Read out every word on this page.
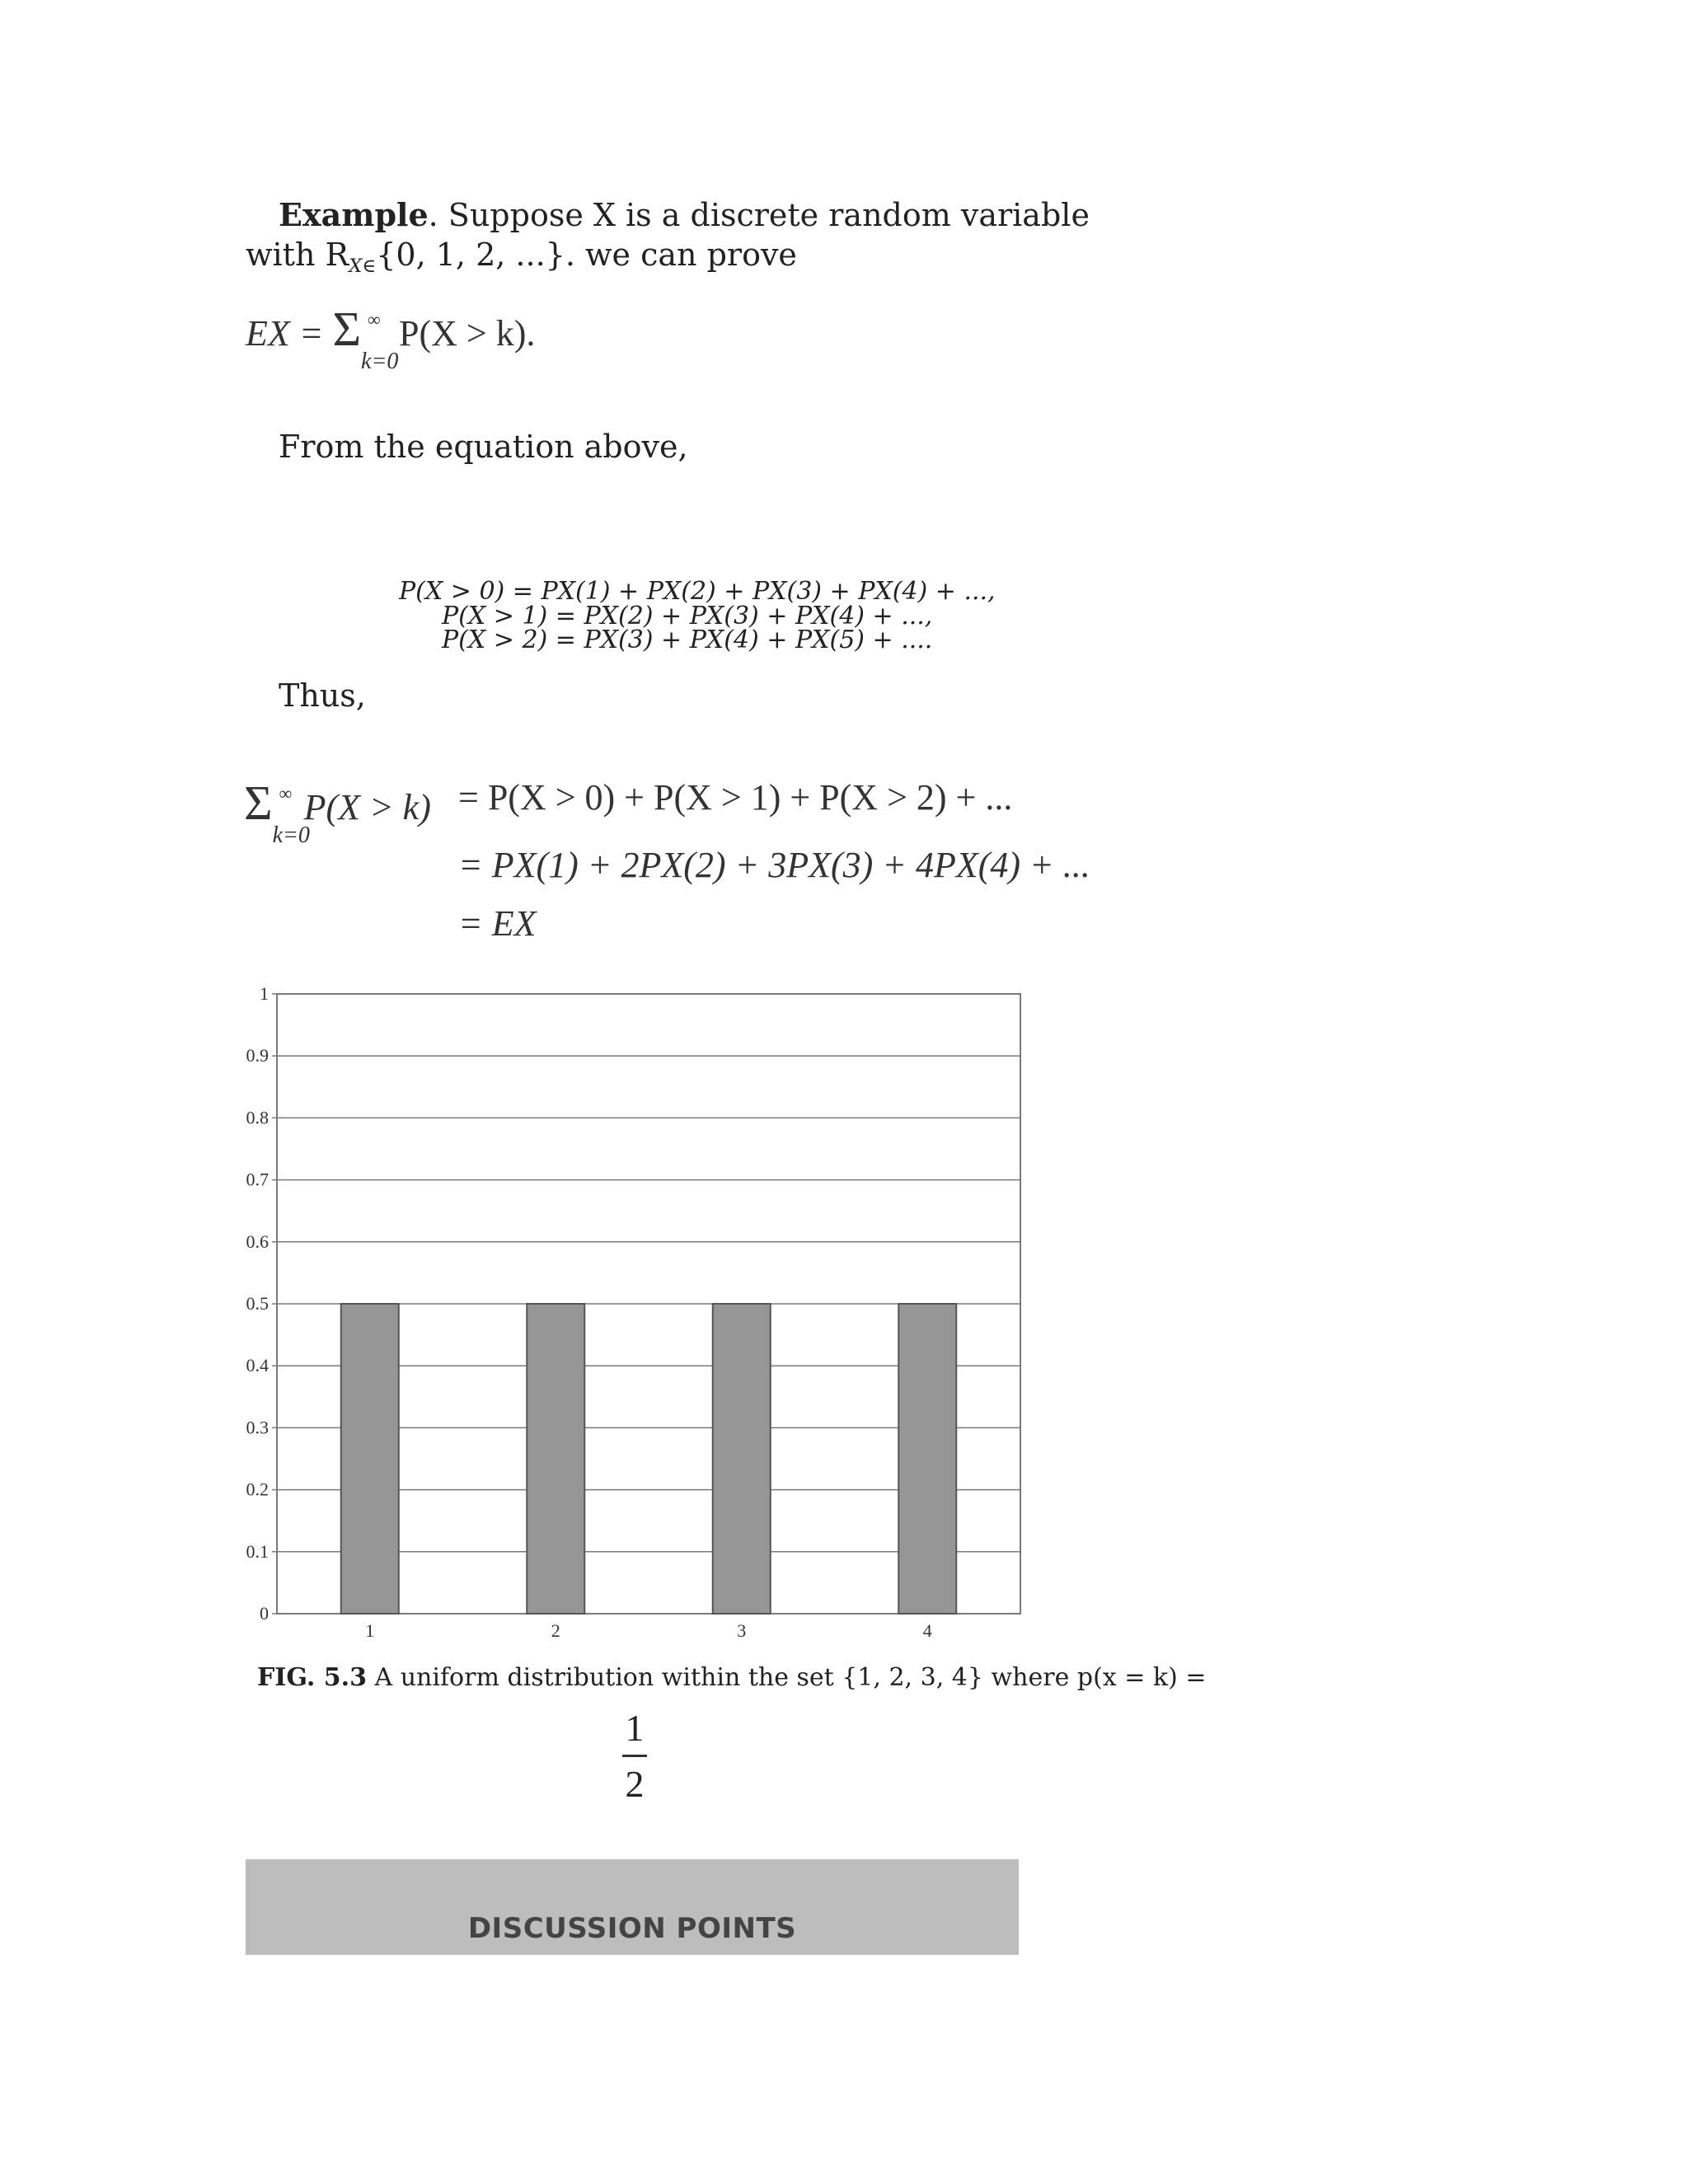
Example. Suppose X is a discrete random variable
with $R_{X\in}\{0$, 1, 2, ...}. we can prove
EX = Σ ∞
k=0
P(X > k).
From the equation above,
P(X > 0) = PX(1) + PX(2) + PX(3) + PX(4) + ...,
P(X > 1) = PX(2) + PX(3) + PX(4) + ...,
P(X > 2) = PX(3) + PX(4) + PX(5) + ....
Thus,
Σ ∞
k=0
P(X > k) = P(X > 0) + P(X > 1) + P(X > 2) + ...
= PX(1) + 2PX(2) + 3PX(3) + 4PX(4) + ...
= EX
0
0.1
0.2
0.3
0.4
0.5
0.6
0.7
0.8
0.9
1
1	2	3	4
FIG. 5.3 A uniform distribution within the set {1, 2, 3, 4} where p(x = k) =
1
2
DISCUSSION POINTS
